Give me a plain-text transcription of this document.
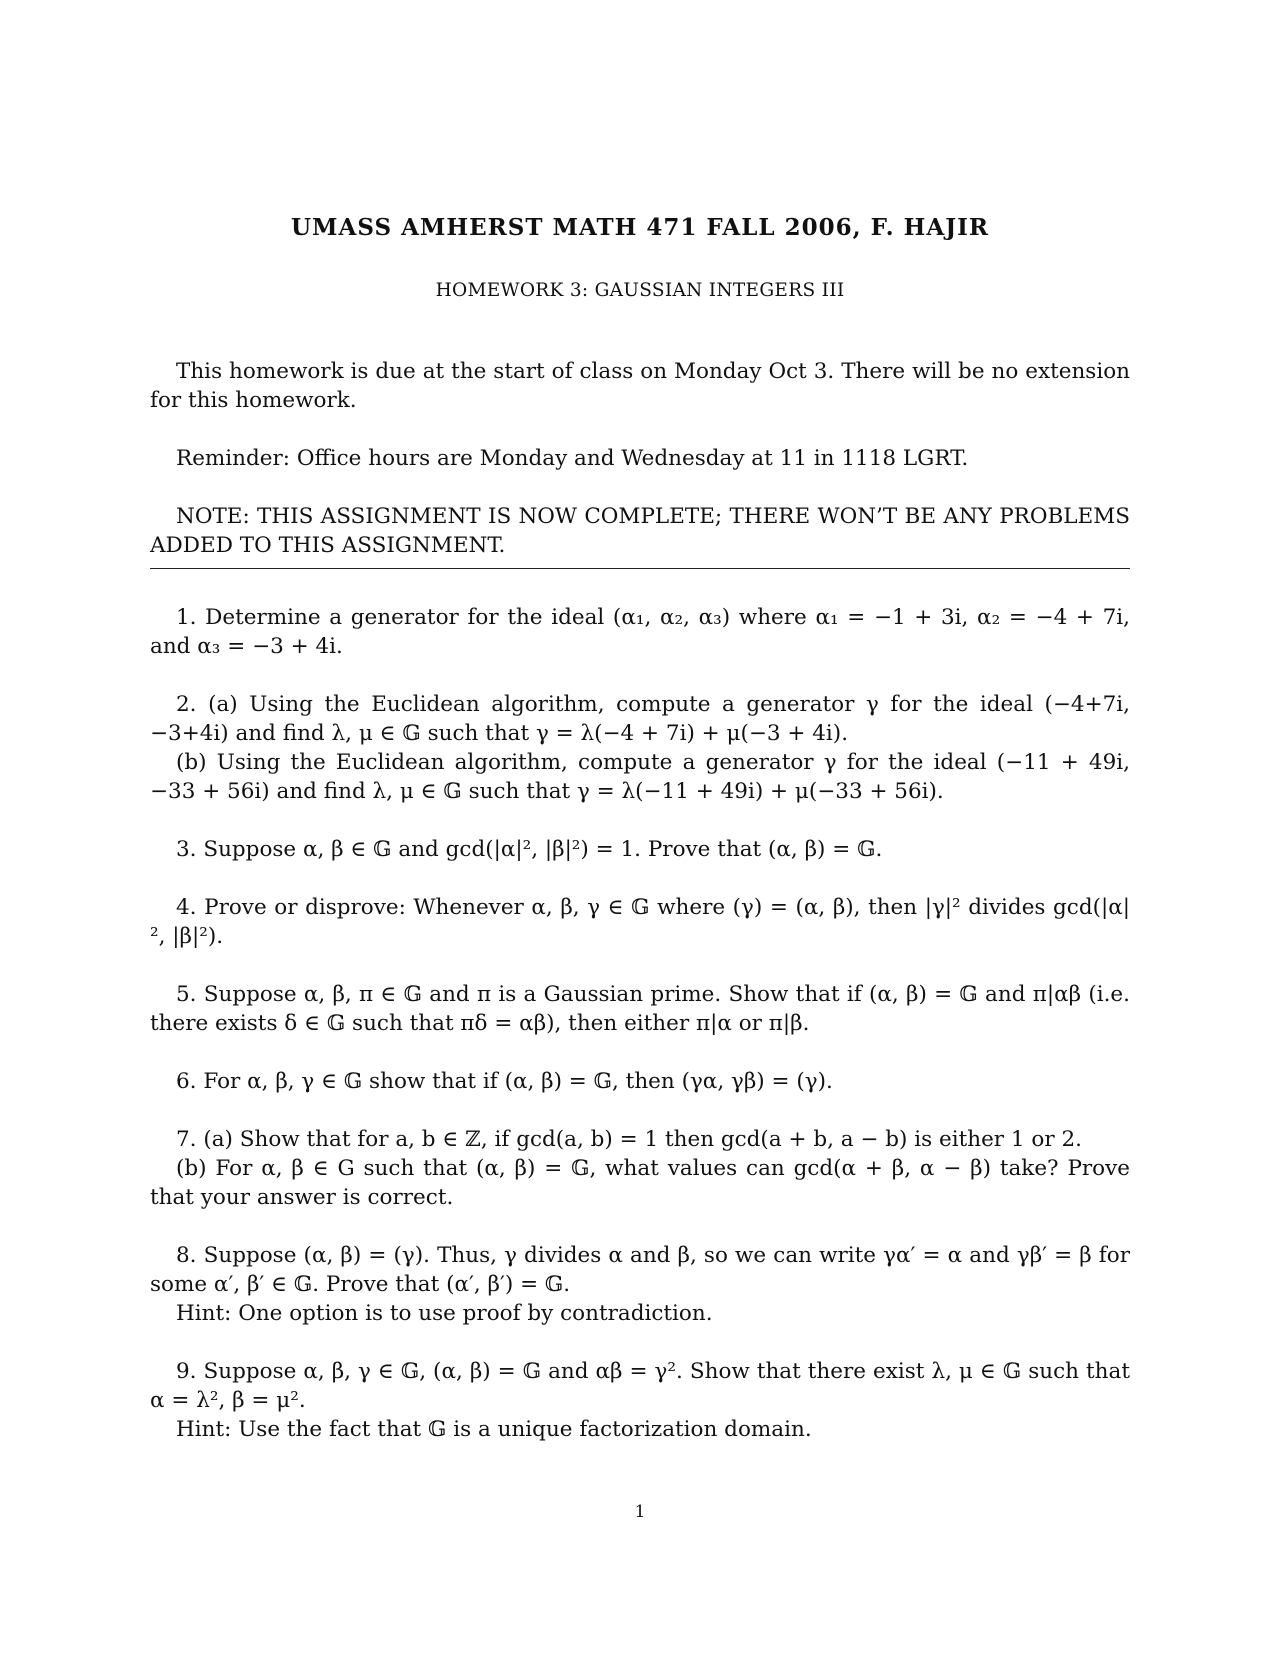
UMASS AMHERST MATH 471 FALL 2006, F. HAJIR
HOMEWORK 3: GAUSSIAN INTEGERS III

This homework is due at the start of class on Monday Oct 3. There will be no extension for this homework.

Reminder: Office hours are Monday and Wednesday at 11 in 1118 LGRT.

NOTE: THIS ASSIGNMENT IS NOW COMPLETE; THERE WON’T BE ANY PROBLEMS ADDED TO THIS ASSIGNMENT.

1. Determine a generator for the ideal (α₁, α₂, α₃) where α₁ = −1 + 3i, α₂ = −4 + 7i, and α₃ = −3 + 4i.
2. (a) Using the Euclidean algorithm, compute a generator γ for the ideal (−4+7i, −3+4i) and find λ, μ ∈ 𝔾 such that γ = λ(−4 + 7i) + μ(−3 + 4i).
(b) Using the Euclidean algorithm, compute a generator γ for the ideal (−11 + 49i, −33 + 56i) and find λ, μ ∈ 𝔾 such that γ = λ(−11 + 49i) + μ(−33 + 56i).
3. Suppose α, β ∈ 𝔾 and gcd(|α|², |β|²) = 1. Prove that (α, β) = 𝔾.
4. Prove or disprove: Whenever α, β, γ ∈ 𝔾 where (γ) = (α, β), then |γ|² divides gcd(|α|², |β|²).
5. Suppose α, β, π ∈ 𝔾 and π is a Gaussian prime. Show that if (α, β) = 𝔾 and π|αβ (i.e. there exists δ ∈ 𝔾 such that πδ = αβ), then either π|α or π|β.
6. For α, β, γ ∈ 𝔾 show that if (α, β) = 𝔾, then (γα, γβ) = (γ).
7. (a) Show that for a, b ∈ ℤ, if gcd(a, b) = 1 then gcd(a + b, a − b) is either 1 or 2.
(b) For α, β ∈ G such that (α, β) = 𝔾, what values can gcd(α + β, α − β) take? Prove that your answer is correct.
8. Suppose (α, β) = (γ). Thus, γ divides α and β, so we can write γα′ = α and γβ′ = β for some α′, β′ ∈ 𝔾. Prove that (α′, β′) = 𝔾.
Hint: One option is to use proof by contradiction.
9. Suppose α, β, γ ∈ 𝔾, (α, β) = 𝔾 and αβ = γ². Show that there exist λ, μ ∈ 𝔾 such that α = λ², β = μ².
Hint: Use the fact that 𝔾 is a unique factorization domain.
1
